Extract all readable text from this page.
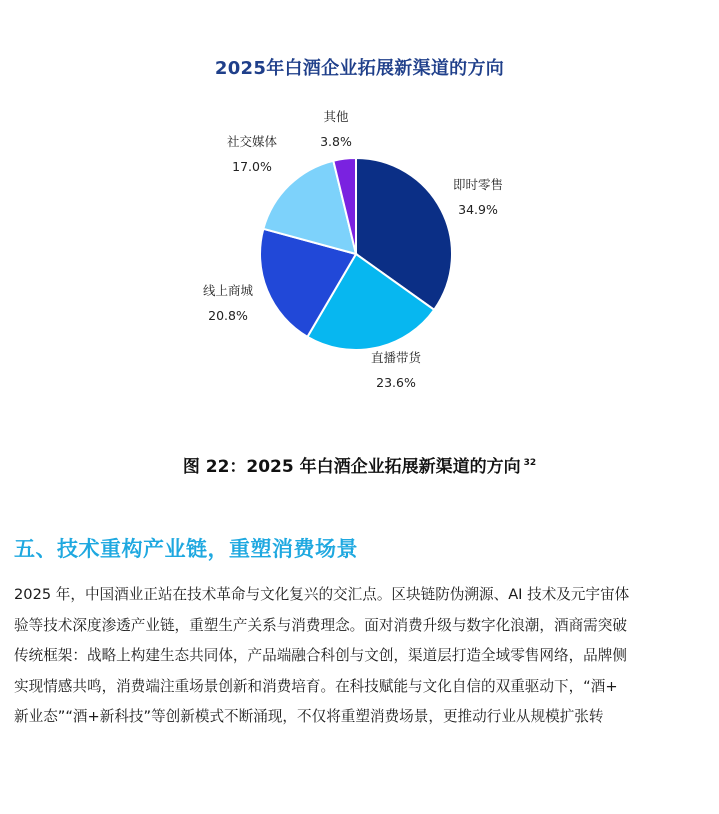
2025年白酒企业拓展新渠道的方向
即时零售
34.9%
直播带货
23.6%
线上商城
20.8%
社交媒体
17.0%
其他
3.8%
图 22：2025 年白酒企业拓展新渠道的方向 $^{32}$
五、技术重构产业链，重塑消费场景
2025 年，中国酒业正站在技术革命与文化复兴的交汇点。区块链防伪溯源、AI 技术及元宇宙体
验等技术深度渗透产业链，重塑生产关系与消费理念。面对消费升级与数字化浪潮，酒商需突破
传统框架：战略上构建生态共同体，产品端融合科创与文创，渠道层打造全域零售网络，品牌侧
实现情感共鸣，消费端注重场景创新和消费培育。在科技赋能与文化自信的双重驱动下，“酒+
新业态”“酒+新科技”等创新模式不断涌现，不仅将重塑消费场景，更推动行业从规模扩张转
